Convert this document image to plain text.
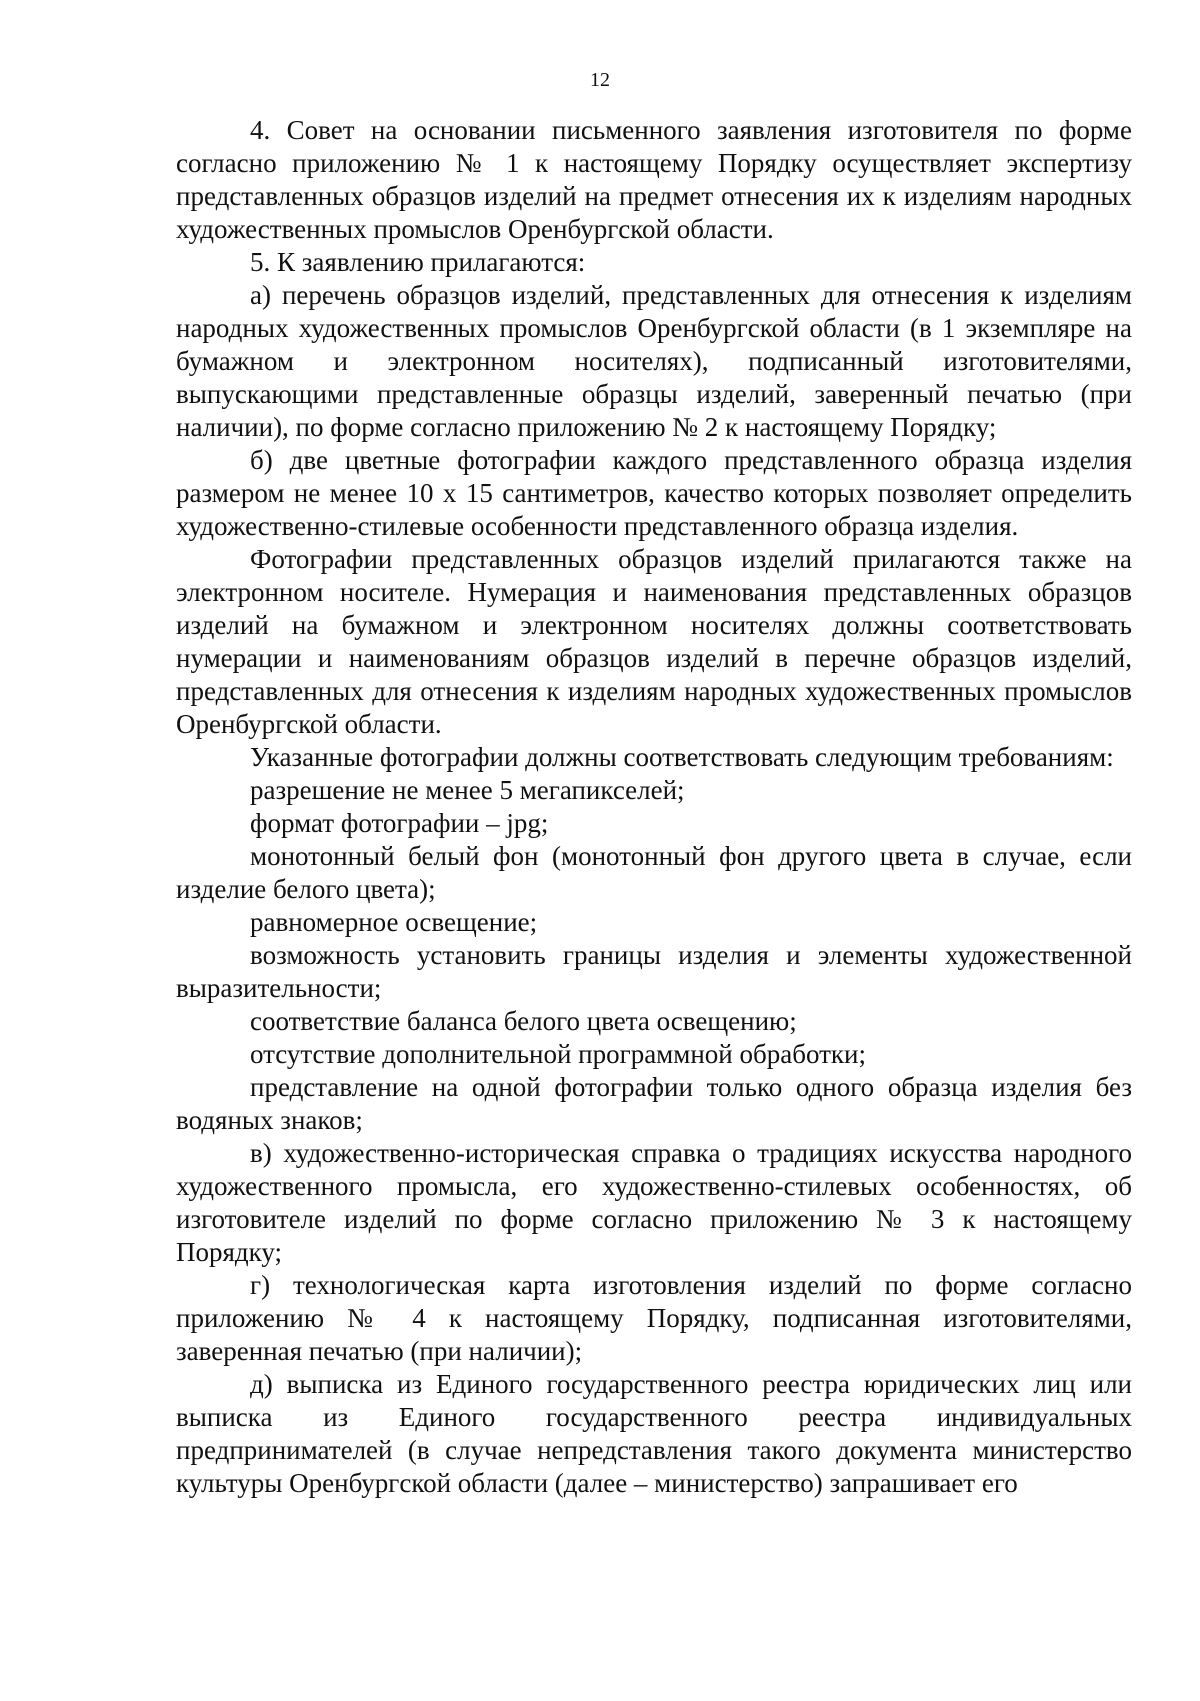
12

4. Совет на основании письменного заявления изготовителя по форме согласно приложению № 1 к настоящему Порядку осуществляет экспертизу представленных образцов изделий на предмет отнесения их к изделиям народных художественных промыслов Оренбургской области.

5. К заявлению прилагаются:

а) перечень образцов изделий, представленных для отнесения к изделиям народных художественных промыслов Оренбургской области (в 1 экземпляре на бумажном и электронном носителях), подписанный изготовителями, выпускающими представленные образцы изделий, заверенный печатью (при наличии), по форме согласно приложению № 2 к настоящему Порядку;

б) две цветные фотографии каждого представленного образца изделия размером не менее 10 х 15 сантиметров, качество которых позволяет определить художественно-стилевые особенности представленного образца изделия.

Фотографии представленных образцов изделий прилагаются также на электронном носителе. Нумерация и наименования представленных образцов изделий на бумажном и электронном носителях должны соответствовать нумерации и наименованиям образцов изделий в перечне образцов изделий, представленных для отнесения к изделиям народных художественных промыслов Оренбургской области.

Указанные фотографии должны соответствовать следующим требованиям:

разрешение не менее 5 мегапикселей;

формат фотографии – jpg;

монотонный белый фон (монотонный фон другого цвета в случае, если изделие белого цвета);

равномерное освещение;

возможность установить границы изделия и элементы художественной выразительности;

соответствие баланса белого цвета освещению;

отсутствие дополнительной программной обработки;

представление на одной фотографии только одного образца изделия без водяных знаков;

в) художественно-историческая справка о традициях искусства народного художественного промысла, его художественно-стилевых особенностях, об изготовителе изделий по форме согласно приложению № 3 к настоящему Порядку;

г) технологическая карта изготовления изделий по форме согласно приложению № 4 к настоящему Порядку, подписанная изготовителями, заверенная печатью (при наличии);

д) выписка из Единого государственного реестра юридических лиц или выписка из Единого государственного реестра индивидуальных предпринимателей (в случае непредставления такого документа министерство культуры Оренбургской области (далее – министерство) запрашивает его
